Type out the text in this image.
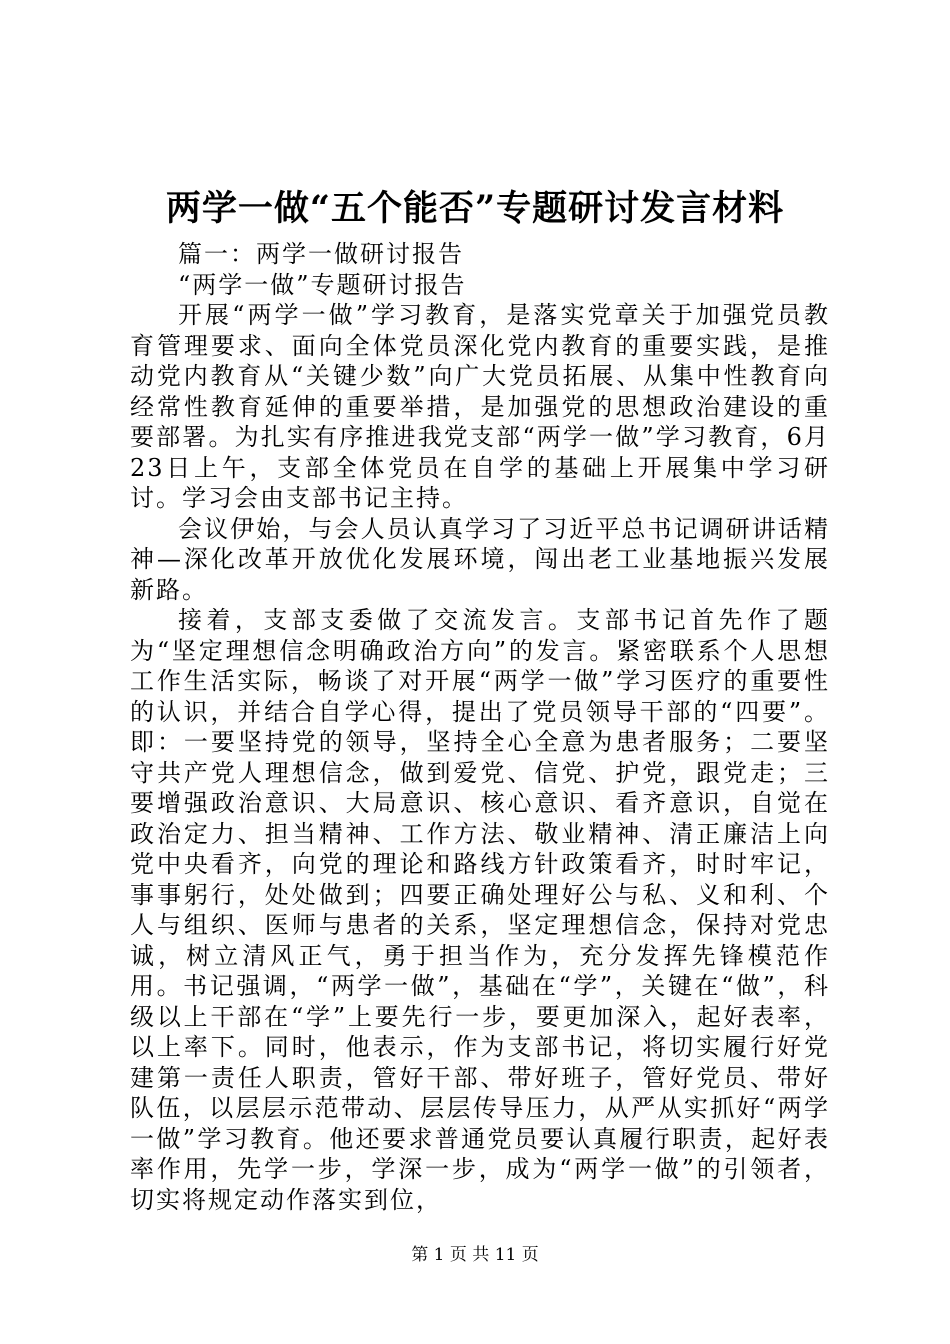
两学一做“五个能否”专题研讨发言材料

篇一：两学一做研讨报告

“两学一做”专题研讨报告

开展“两学一做”学习教育，是落实党章关于加强党员教育管理要求、面向全体党员深化党内教育的重要实践，是推动党内教育从“关键少数”向广大党员拓展、从集中性教育向经常性教育延伸的重要举措，是加强党的思想政治建设的重要部署。为扎实有序推进我党支部“两学一做”学习教育，6月23日上午，支部全体党员在自学的基础上开展集中学习研讨。学习会由支部书记主持。

会议伊始，与会人员认真学习了习近平总书记调研讲话精神—深化改革开放优化发展环境，闯出老工业基地振兴发展新路。

接着，支部支委做了交流发言。支部书记首先作了题为“坚定理想信念明确政治方向”的发言。紧密联系个人思想工作生活实际，畅谈了对开展“两学一做”学习医疗的重要性的认识，并结合自学心得，提出了党员领导干部的“四要”。即：一要坚持党的领导，坚持全心全意为患者服务；二要坚守共产党人理想信念，做到爱党、信党、护党，跟党走；三要增强政治意识、大局意识、核心意识、看齐意识，自觉在政治定力、担当精神、工作方法、敬业精神、清正廉洁上向党中央看齐，向党的理论和路线方针政策看齐，时时牢记，事事躬行，处处做到；四要正确处理好公与私、义和利、个人与组织、医师与患者的关系，坚定理想信念，保持对党忠诚，树立清风正气，勇于担当作为，充分发挥先锋模范作用。书记强调，“两学一做”，基础在“学”，关键在“做”，科级以上干部在“学”上要先行一步，要更加深入，起好表率，以上率下。同时，他表示，作为支部书记，将切实履行好党建第一责任人职责，管好干部、带好班子，管好党员、带好队伍，以层层示范带动、层层传导压力，从严从实抓好“两学一做”学习教育。他还要求普通党员要认真履行职责，起好表率作用，先学一步，学深一步，成为“两学一做”的引领者，切实将规定动作落实到位，

第 1 页 共 11 页
